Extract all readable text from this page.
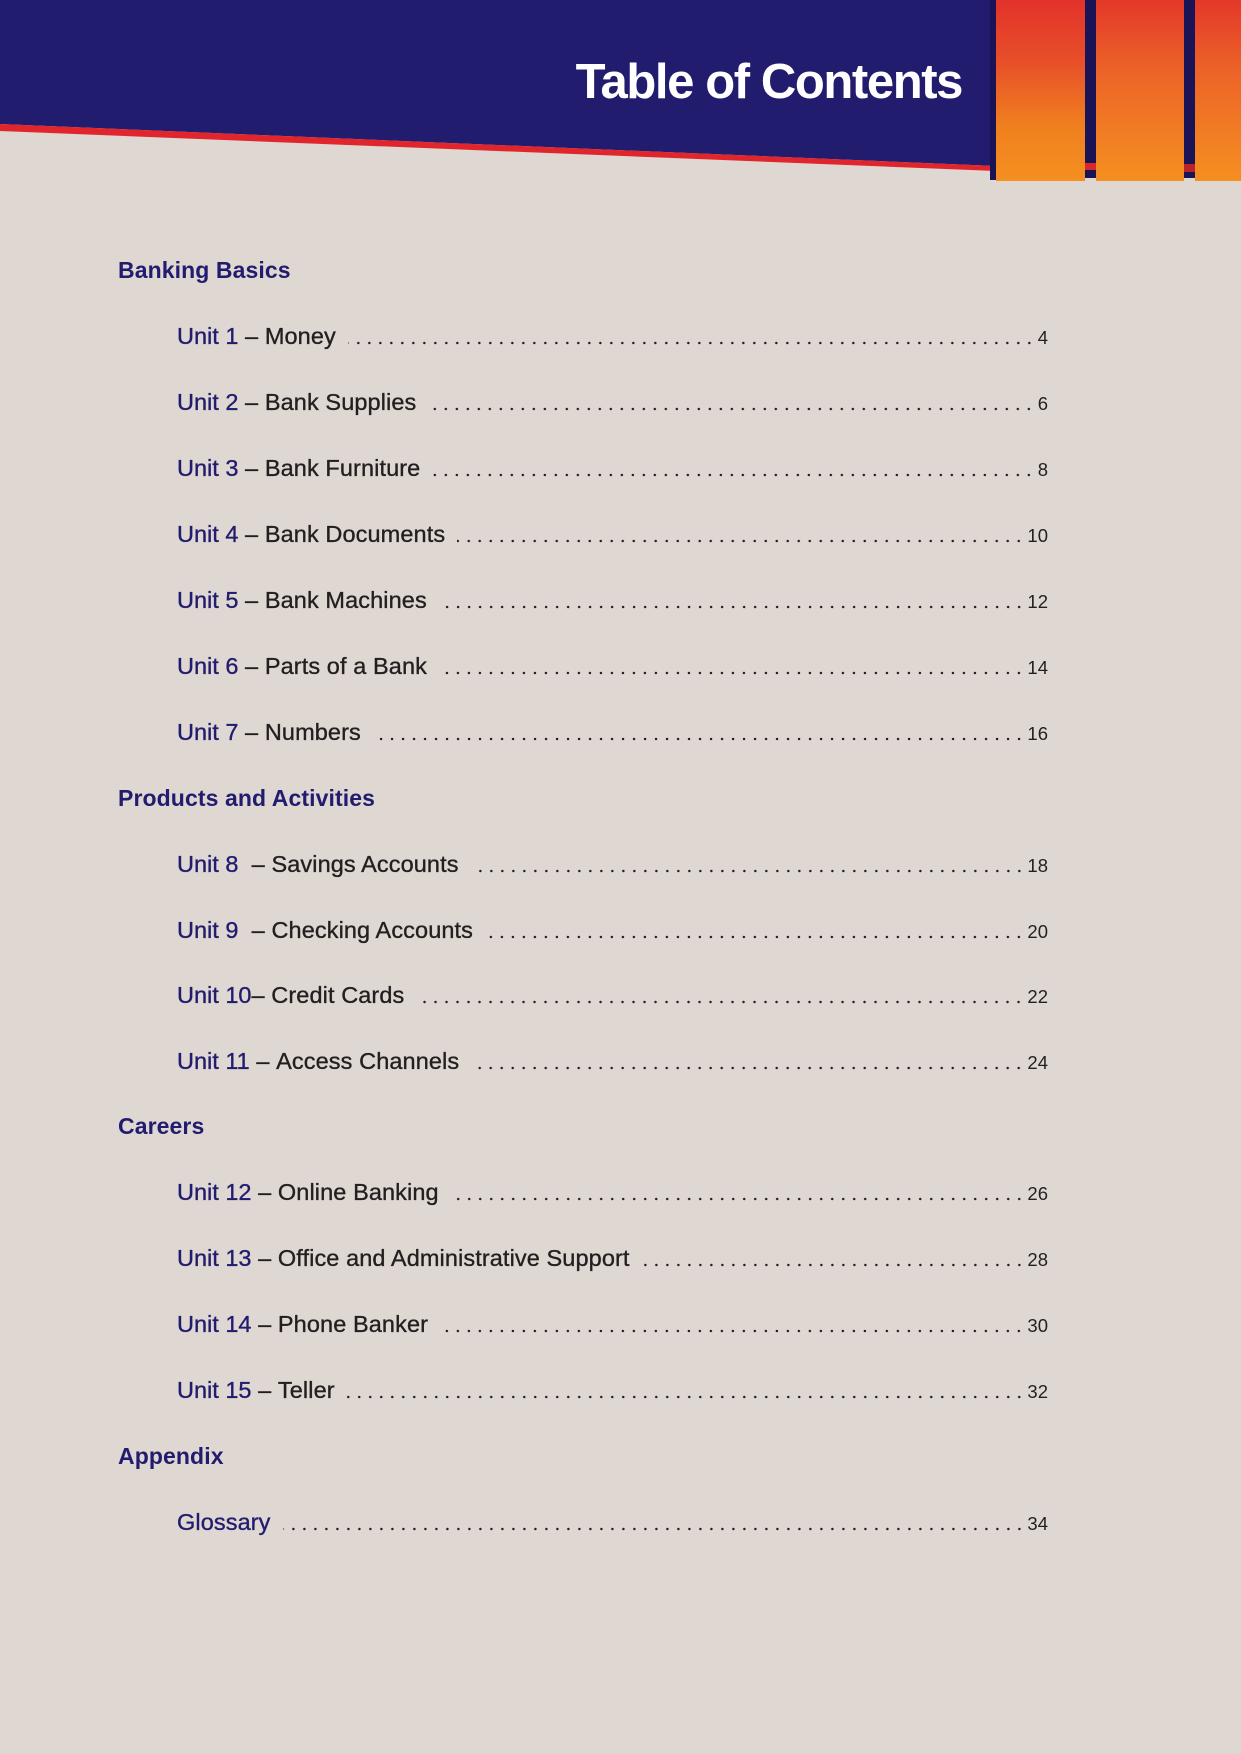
Table of Contents
Banking Basics
Unit 1 – Money	4
Unit 2 – Bank Supplies	6
Unit 3 – Bank Furniture	8
Unit 4 – Bank Documents	10
Unit 5 – Bank Machines	12
Unit 6 – Parts of a Bank	14
Unit 7 – Numbers	16
Products and Activities
Unit 8 – Savings Accounts	18
Unit 9 – Checking Accounts	20
Unit 10 – Credit Cards	22
Unit 11 – Access Channels	24
Careers
Unit 12 – Online Banking	26
Unit 13 – Office and Administrative Support	28
Unit 14 – Phone Banker	30
Unit 15 – Teller	32
Appendix
Glossary	34
